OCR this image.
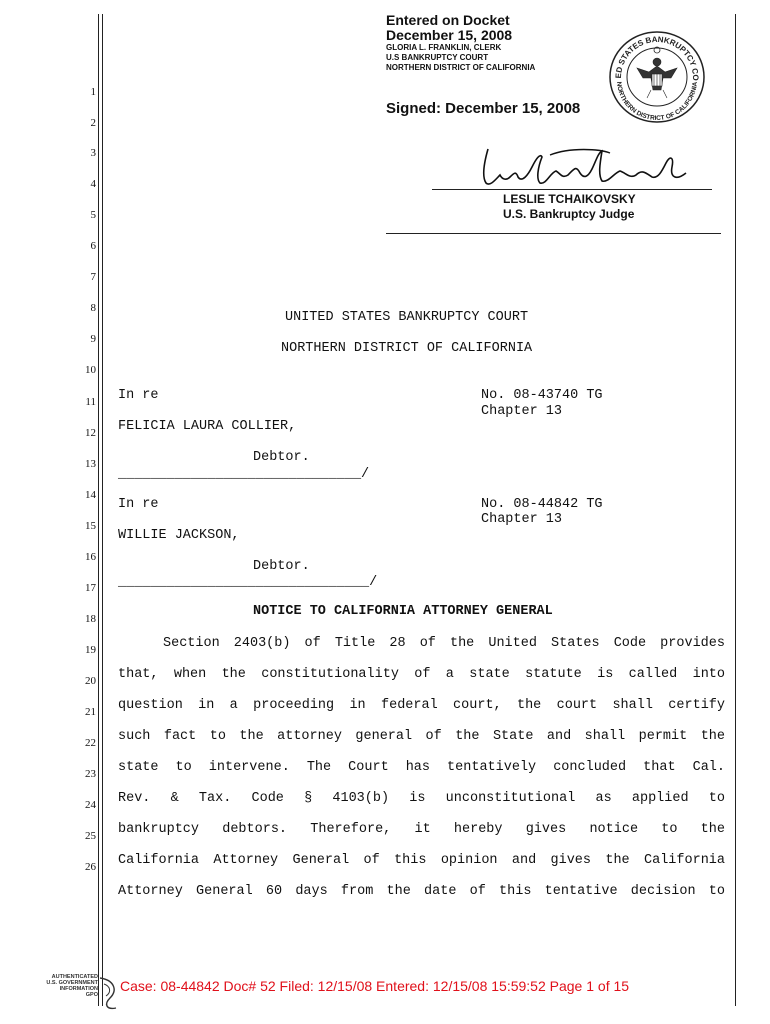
1
2
3
4
5
6
7
8
9
10
11
12
13
14
15
16
17
18
19
20
21
22
23
24
25
26
Entered on Docket
December 15, 2008
GLORIA L. FRANKLIN, CLERK
U.S BANKRUPTCY COURT
NORTHERN DISTRICT OF CALIFORNIA
ED STATES BANKRUPTCY CO
NORTHERN DISTRICT OF CALIFORNIA
Signed: December 15, 2008
LESLIE TCHAIKOVSKY
U.S. Bankruptcy Judge
UNITED STATES BANKRUPTCY COURT
NORTHERN DISTRICT OF CALIFORNIA
In re	No. 08-43740 TG
Chapter 13
FELICIA LAURA COLLIER,
Debtor.
______________________________/
In re	No. 08-44842 TG
Chapter 13
WILLIE JACKSON,
Debtor.
_______________________________/
NOTICE TO CALIFORNIA ATTORNEY GENERAL
Section 2403(b) of Title 28 of the United States Code provides
that, when the constitutionality of a state statute is called into
question in a proceeding in federal court, the court shall certify
such fact to the attorney general of the State and shall permit the
state to intervene. The Court has tentatively concluded that Cal.
Rev. & Tax. Code § 4103(b) is unconstitutional as applied to
bankruptcy debtors. Therefore, it hereby gives notice to the
California Attorney General of this opinion and gives the California
Attorney General 60 days from the date of this tentative decision to
AUTHENTICATED
U.S. GOVERNMENT
INFORMATION
GPO
Case: 08-44842 Doc# 52 Filed: 12/15/08 Entered: 12/15/08 15:59:52 Page 1 of 15
